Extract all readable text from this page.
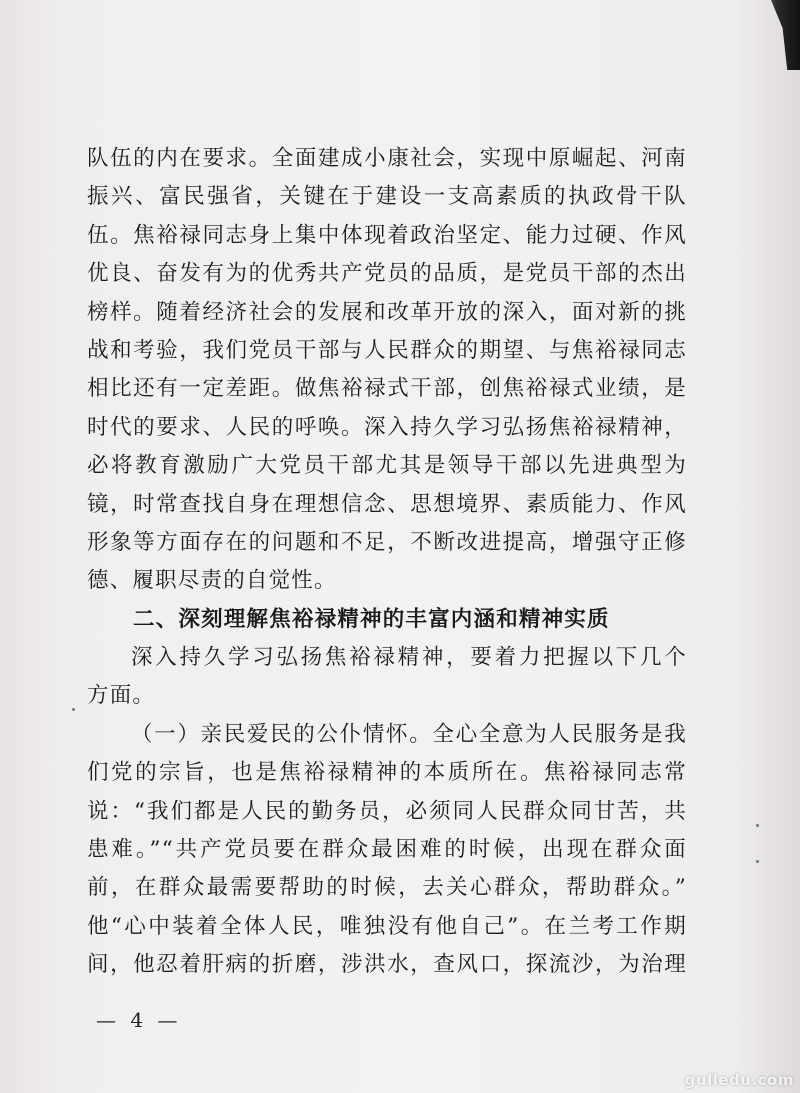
队伍的内在要求。全面建成小康社会，实现中原崛起、河南
振兴、富民强省，关键在于建设一支高素质的执政骨干队
伍。焦裕禄同志身上集中体现着政治坚定、能力过硬、作风
优良、奋发有为的优秀共产党员的品质，是党员干部的杰出
榜样。随着经济社会的发展和改革开放的深入，面对新的挑
战和考验，我们党员干部与人民群众的期望、与焦裕禄同志
相比还有一定差距。做焦裕禄式干部，创焦裕禄式业绩，是
时代的要求、人民的呼唤。深入持久学习弘扬焦裕禄精神，
必将教育激励广大党员干部尤其是领导干部以先进典型为
镜，时常查找自身在理想信念、思想境界、素质能力、作风
形象等方面存在的问题和不足，不断改进提高，增强守正修
德、履职尽责的自觉性。
二、深刻理解焦裕禄精神的丰富内涵和精神实质
深入持久学习弘扬焦裕禄精神，要着力把握以下几个
方面。
（一）亲民爱民的公仆情怀。全心全意为人民服务是我
们党的宗旨，也是焦裕禄精神的本质所在。焦裕禄同志常
说：“我们都是人民的勤务员，必须同人民群众同甘苦，共
患难。”“共产党员要在群众最困难的时候，出现在群众面
前，在群众最需要帮助的时候，去关心群众，帮助群众。”
他“心中装着全体人民，唯独没有他自己”。在兰考工作期
间，他忍着肝病的折磨，涉洪水，查风口，探流沙，为治理
— 4 —
gulledu.com
